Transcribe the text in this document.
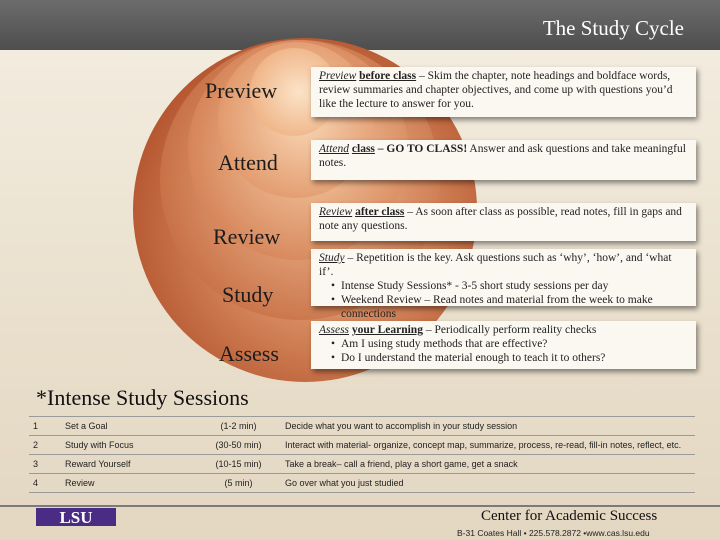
The Study Cycle
Preview
Attend
Review
Study
Assess
Preview before class – Skim the chapter, note headings and boldface words, review summaries and chapter objectives, and come up with questions you’d like the lecture to answer for you.
Attend class – GO TO CLASS! Answer and ask questions and take meaningful notes.
Review after class – As soon after class as possible, read notes, fill in gaps and note any questions.
Study – Repetition is the key. Ask questions such as ‘why’, ‘how’, and ‘what if’.
• Intense Study Sessions* - 3-5 short study sessions per day
• Weekend Review – Read notes and material from the week to make connections
Assess your Learning – Periodically perform reality checks
• Am I using study methods that are effective?
• Do I understand the material enough to teach it to others?
*Intense Study Sessions
1	Set a Goal	(1-2 min)	Decide what you want to accomplish in your study session
2	Study with Focus	(30-50 min)	Interact with material- organize, concept map, summarize, process, re-read, fill-in notes, reflect, etc.
3	Reward Yourself	(10-15 min)	Take a break– call a friend, play a short game, get a snack
4	Review	(5 min)	Go over what you just studied
LSU	Center for Academic Success
B-31 Coates Hall • 225.578.2872 •www.cas.lsu.edu
